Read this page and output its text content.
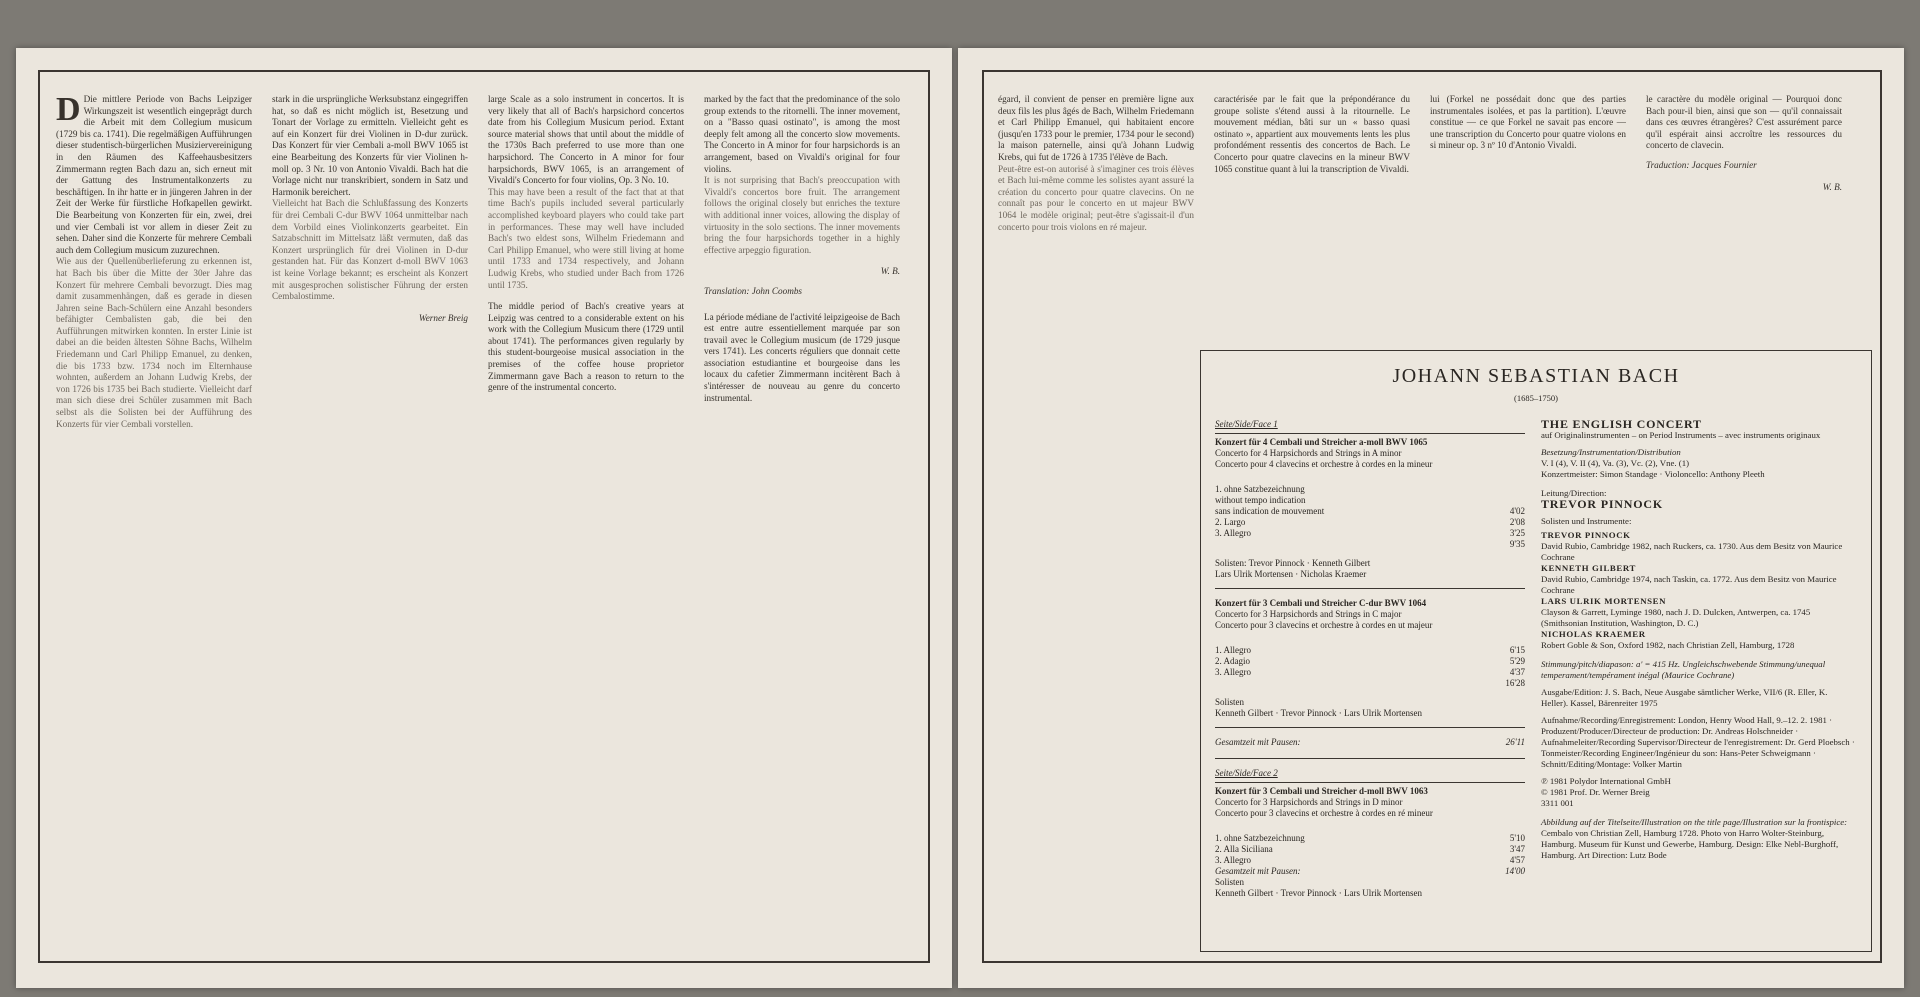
D Die mittlere Periode von Bachs Leipziger Wirkungszeit ist wesentlich eingeprägt durch die Arbeit mit dem Collegium musicum (1729 bis ca. 1741). Die regelmäßigen Aufführungen dieser studentisch-bürgerlichen Musiziervereinigung in den Räumen des Kaffeehausbesitzers Zimmermann regten Bach dazu an, sich erneut mit der Gattung des Instrumentalkonzerts zu beschäftigen. In ihr hatte er in jüngeren Jahren in der Zeit der Werke für fürstliche Hofkapellen gewirkt. Die Bearbeitung von Konzerten für ein, zwei, drei und vier Cembali ist vor allem in dieser Zeit zu sehen. Daher sind die Konzerte für mehrere Cembali auch dem Collegium musicum zuzurechnen.

Wie aus der Quellenüberlieferung zu erkennen ist, hat Bach bis über die Mitte der 30er Jahre das Konzert für mehrere Cembali bevorzugt. Dies mag damit zusammenhängen, daß es gerade in diesen Jahren seine Bach-Schülern eine Anzahl besonders befähigter Cembalisten gab, die bei den Aufführungen mitwirken konnten. In erster Linie ist dabei an die beiden ältesten Söhne Bachs, Wilhelm Friedemann und Carl Philipp Emanuel, zu denken, die bis 1733 bzw. 1734 noch im Elternhause wohnten, außerdem an Johann Ludwig Krebs, der von 1726 bis 1735 bei Bach studierte. Vielleicht darf man sich diese drei Schüler zusammen mit Bach selbst als die Solisten bei der Aufführung des Konzerts für vier Cembali vorstellen.

stark in die ursprüngliche Werksubstanz eingegriffen hat, so daß es nicht möglich ist, Besetzung und Tonart der Vorlage zu ermitteln. Vielleicht geht es auf ein Konzert für drei Violinen in D-dur zurück. Das Konzert für vier Cembali a-moll BWV 1065 ist eine Bearbeitung des Konzerts für vier Violinen h-moll op. 3 Nr. 10 von Antonio Vivaldi. Bach hat die Vorlage nicht nur transkribiert, sondern in Satz und Harmonik bereichert.

Vielleicht hat Bach die Schlußfassung des Konzerts für drei Cembali C-dur BWV 1064 unmittelbar nach dem Vorbild eines Violinkonzerts gearbeitet. Ein Satzabschnitt im Mittelsatz läßt vermuten, daß das Konzert ursprünglich für drei Violinen in D-dur gestanden hat. Für das Konzert d-moll BWV 1063 ist keine Vorlage bekannt; es erscheint als Konzert mit ausgesprochen solistischer Führung der ersten Cembalostimme.

Werner Breig

large Scale as a solo instrument in concertos. It is very likely that all of Bach's harpsichord concertos date from his Collegium Musicum period. Extant source material shows that until about the middle of the 1730s Bach preferred to use more than one harpsichord. The Concerto in A minor for four harpsichords, BWV 1065, is an arrangement of Vivaldi's Concerto for four violins, Op. 3 No. 10.

This may have been a result of the fact that at that time Bach's pupils included several particularly accomplished keyboard players who could take part in performances. These may well have included Bach's two eldest sons, Wilhelm Friedemann and Carl Philipp Emanuel, who were still living at home until 1733 and 1734 respectively, and Johann Ludwig Krebs, who studied under Bach from 1726 until 1735.

The middle period of Bach's creative years at Leipzig was centred to a considerable extent on his work with the Collegium Musicum there (1729 until about 1741). The performances given regularly by this student-bourgeoise musical association in the premises of the coffee house proprietor Zimmermann gave Bach a reason to return to the genre of the instrumental concerto.

marked by the fact that the predominance of the solo group extends to the ritornelli. The inner movement, on a "Basso quasi ostinato", is among the most deeply felt among all the concerto slow movements. The Concerto in A minor for four harpsichords is an arrangement, based on Vivaldi's original for four violins.

It is not surprising that Bach's preoccupation with Vivaldi's concertos bore fruit. The arrangement follows the original closely but enriches the texture with additional inner voices, allowing the display of virtuosity in the solo sections. The inner movements bring the four harpsichords together in a highly effective arpeggio figuration.

W. B.
Translation: John Coombs

La période médiane de l'activité leipzigeoise de Bach est entre autre essentiellement marquée par son travail avec le Collegium musicum (de 1729 jusque vers 1741). Les concerts réguliers que donnait cette association estudiantine et bourgeoise dans les locaux du cafetier Zimmermann incitèrent Bach à s'intéresser de nouveau au genre du concerto instrumental.

égard, il convient de penser en première ligne aux deux fils les plus âgés de Bach, Wilhelm Friedemann et Carl Philipp Emanuel, qui habitaient encore (jusqu'en 1733 pour le premier, 1734 pour le second) la maison paternelle, ainsi qu'à Johann Ludwig Krebs, qui fut de 1726 à 1735 l'élève de Bach.

Peut-être est-on autorisé à s'imaginer ces trois élèves et Bach lui-même comme les solistes ayant assuré la création du concerto pour quatre clavecins. On ne connaît pas pour le concerto en ut majeur BWV 1064 le modèle original; peut-être s'agissait-il d'un concerto pour trois violons en ré majeur.

caractérisée par le fait que la prépondérance du groupe soliste s'étend aussi à la ritournelle. Le mouvement médian, bâti sur un « basso quasi ostinato », appartient aux mouvements lents les plus profondément ressentis des concertos de Bach. Le Concerto pour quatre clavecins en la mineur BWV 1065 constitue quant à lui la transcription de Vivaldi.

lui (Forkel ne possédait donc que des parties instrumentales isolées, et pas la partition). L'œuvre constitue — ce que Forkel ne savait pas encore — une transcription du Concerto pour quatre violons en si mineur op. 3 nº 10 d'Antonio Vivaldi.

le caractère du modèle original — Pourquoi donc Bach pour-il bien, ainsi que son — qu'il connaissait dans ces œuvres étrangères? C'est assurément parce qu'il espérait ainsi accroître les ressources du concerto de clavecin.

Traduction: Jacques Fournier
W. B.
JOHANN SEBASTIAN BACH
(1685–1750)
Seite/Side/Face 1
Konzert für 4 Cembali und Streicher a-moll BWV 1065
Concerto for 4 Harpsichords and Strings in A minor
Concerto pour 4 clavecins et orchestre à cordes en la mineur
1. ohne Satzbezeichnung
without tempo indication
sans indication de mouvement	4'02
2. Largo	2'08
3. Allegro	3'25
9'35
Solisten: Trevor Pinnock · Kenneth Gilbert
Lars Ulrik Mortensen · Nicholas Kraemer
Konzert für 3 Cembali und Streicher C-dur BWV 1064
Concerto for 3 Harpsichords and Strings in C major
Concerto pour 3 clavecins et orchestre à cordes en ut majeur
1. Allegro	6'15
2. Adagio	5'29
3. Allegro	4'37
16'28
Solisten
Kenneth Gilbert · Trevor Pinnock · Lars Ulrik Mortensen
Gesamtzeit mit Pausen:	26'11
Seite/Side/Face 2
Konzert für 3 Cembali und Streicher d-moll BWV 1063
Concerto for 3 Harpsichords and Strings in D minor
Concerto pour 3 clavecins et orchestre à cordes en ré mineur
1. ohne Satzbezeichnung	5'10
2. Alla Siciliana	3'47
3. Allegro	4'57
Gesamtzeit mit Pausen:	14'00
Solisten
Kenneth Gilbert · Trevor Pinnock · Lars Ulrik Mortensen
THE ENGLISH CONCERT
auf Originalinstrumenten – on Period Instruments – avec instruments originaux
Besetzung/Instrumentation/Distribution
V. I (4), V. II (4), Va. (3), Vc. (2), Vne. (1)
Konzertmeister: Simon Standage · Violoncello: Anthony Pleeth
Leitung/Direction:
TREVOR PINNOCK
Solisten und Instrumente:
TREVOR PINNOCK
David Rubio, Cambridge 1982, nach Ruckers, ca. 1730. Aus dem Besitz von Maurice Cochrane
KENNETH GILBERT
David Rubio, Cambridge 1974, nach Taskin, ca. 1772. Aus dem Besitz von Maurice Cochrane
LARS ULRIK MORTENSEN
Clayson & Garrett, Lyminge 1980, nach J. D. Dulcken, Antwerpen, ca. 1745 (Smithsonian Institution, Washington, D. C.)
NICHOLAS KRAEMER
Robert Goble & Son, Oxford 1982, nach Christian Zell, Hamburg, 1728
Stimmung/pitch/diapason: a' = 415 Hz. Ungleichschwebende Stimmung/unequal temperament/tempérament inégal (Maurice Cochrane)
Ausgabe/Edition: J. S. Bach, Neue Ausgabe sämtlicher Werke, VII/6 (R. Eller, K. Heller). Kassel, Bärenreiter 1975
Aufnahme/Recording/Enregistrement: London, Henry Wood Hall, 9.–12. 2. 1981 · Produzent/Producer/Directeur de production: Dr. Andreas Holschneider · Aufnahmeleiter/Recording Supervisor/Directeur de l'enregistrement: Dr. Gerd Ploebsch · Tonmeister/Recording Engineer/Ingénieur du son: Hans-Peter Schweigmann · Schnitt/Editing/Montage: Volker Martin
℗ 1981 Polydor International GmbH
© 1981 Prof. Dr. Werner Breig
3311 001
Abbildung auf der Titelseite/Illustration on the title page/Illustration sur la frontispice:
Cembalo von Christian Zell, Hamburg 1728. Photo von Harro Wolter-Steinburg, Hamburg. Museum für Kunst und Gewerbe, Hamburg. Design: Elke Nebl-Burghoff, Hamburg. Art Direction: Lutz Bode
